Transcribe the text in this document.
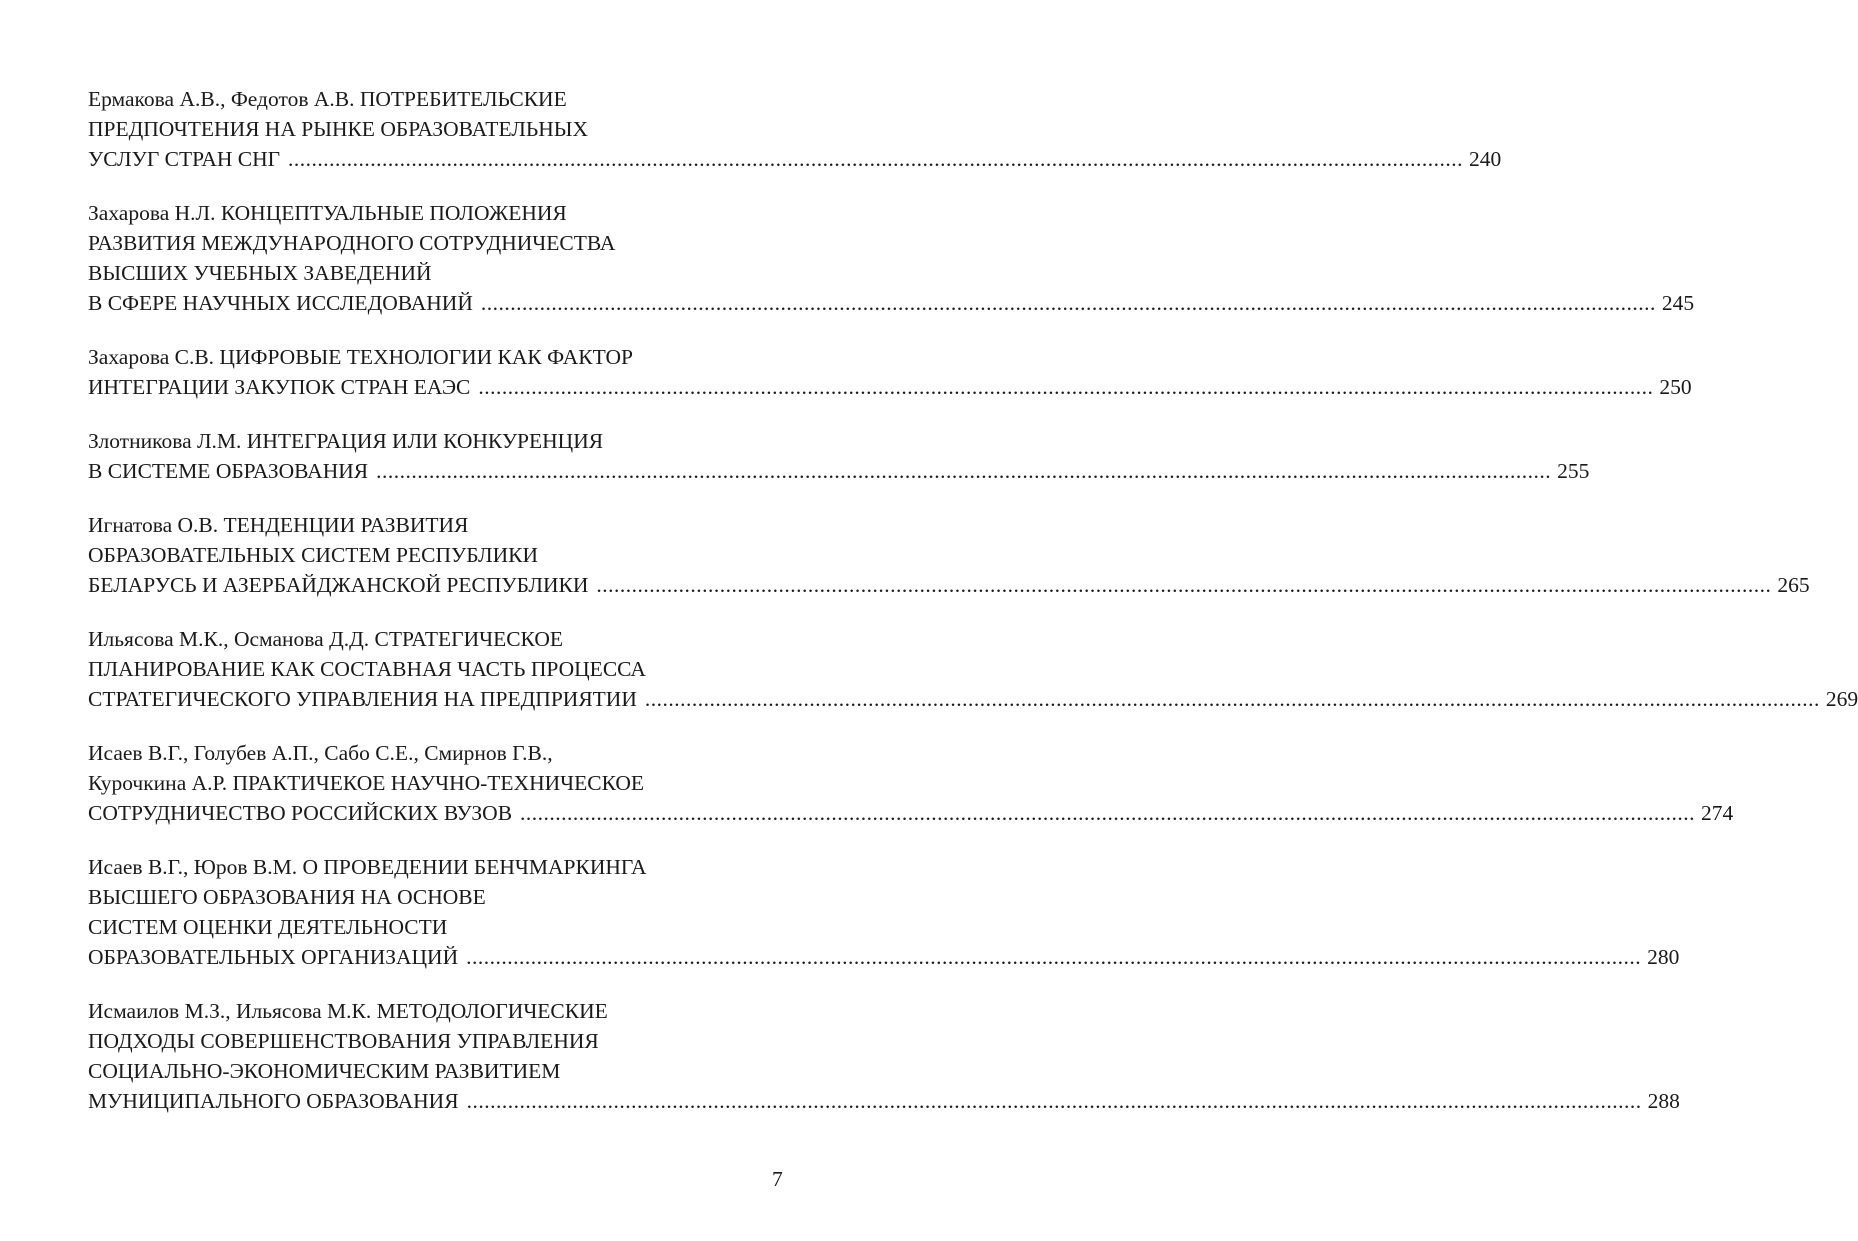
Ермакова А.В., Федотов А.В. ПОТРЕБИТЕЛЬСКИЕ
ПРЕДПОЧТЕНИЯ НА РЫНКЕ ОБРАЗОВАТЕЛЬНЫХ
УСЛУГ СТРАН СНГ ........................................................................................................................................................................................................ 240
Захарова Н.Л. КОНЦЕПТУАЛЬНЫЕ ПОЛОЖЕНИЯ
РАЗВИТИЯ МЕЖДУНАРОДНОГО СОТРУДНИЧЕСТВА
ВЫСШИХ УЧЕБНЫХ ЗАВЕДЕНИЙ
В СФЕРЕ НАУЧНЫХ ИССЛЕДОВАНИЙ ........................................................................................................................................................................................................ 245
Захарова С.В. ЦИФРОВЫЕ ТЕХНОЛОГИИ КАК ФАКТОР
ИНТЕГРАЦИИ ЗАКУПОК СТРАН ЕАЭС ........................................................................................................................................................................................................ 250
Злотникова Л.М. ИНТЕГРАЦИЯ ИЛИ КОНКУРЕНЦИЯ
В СИСТЕМЕ ОБРАЗОВАНИЯ ........................................................................................................................................................................................................ 255
Игнатова О.В. ТЕНДЕНЦИИ РАЗВИТИЯ
ОБРАЗОВАТЕЛЬНЫХ СИСТЕМ РЕСПУБЛИКИ
БЕЛАРУСЬ И АЗЕРБАЙДЖАНСКОЙ РЕСПУБЛИКИ ........................................................................................................................................................................................................ 265
Ильясова М.К., Османова Д.Д. СТРАТЕГИЧЕСКОЕ
ПЛАНИРОВАНИЕ КАК СОСТАВНАЯ ЧАСТЬ ПРОЦЕССА
СТРАТЕГИЧЕСКОГО УПРАВЛЕНИЯ НА ПРЕДПРИЯТИИ ........................................................................................................................................................................................................ 269
Исаев В.Г., Голубев А.П., Сабо С.Е., Смирнов Г.В.,
Курочкина А.Р. ПРАКТИЧЕКОЕ НАУЧНО-ТЕХНИЧЕСКОЕ
СОТРУДНИЧЕСТВО РОССИЙСКИХ ВУЗОВ ........................................................................................................................................................................................................ 274
Исаев В.Г., Юров В.М. О ПРОВЕДЕНИИ БЕНЧМАРКИНГА
ВЫСШЕГО ОБРАЗОВАНИЯ НА ОСНОВЕ
СИСТЕМ ОЦЕНКИ ДЕЯТЕЛЬНОСТИ
ОБРАЗОВАТЕЛЬНЫХ ОРГАНИЗАЦИЙ ........................................................................................................................................................................................................ 280
Исмаилов М.З., Ильясова М.К. МЕТОДОЛОГИЧЕСКИЕ
ПОДХОДЫ СОВЕРШЕНСТВОВАНИЯ УПРАВЛЕНИЯ
СОЦИАЛЬНО-ЭКОНОМИЧЕСКИМ РАЗВИТИЕМ
МУНИЦИПАЛЬНОГО ОБРАЗОВАНИЯ ........................................................................................................................................................................................................ 288
7
